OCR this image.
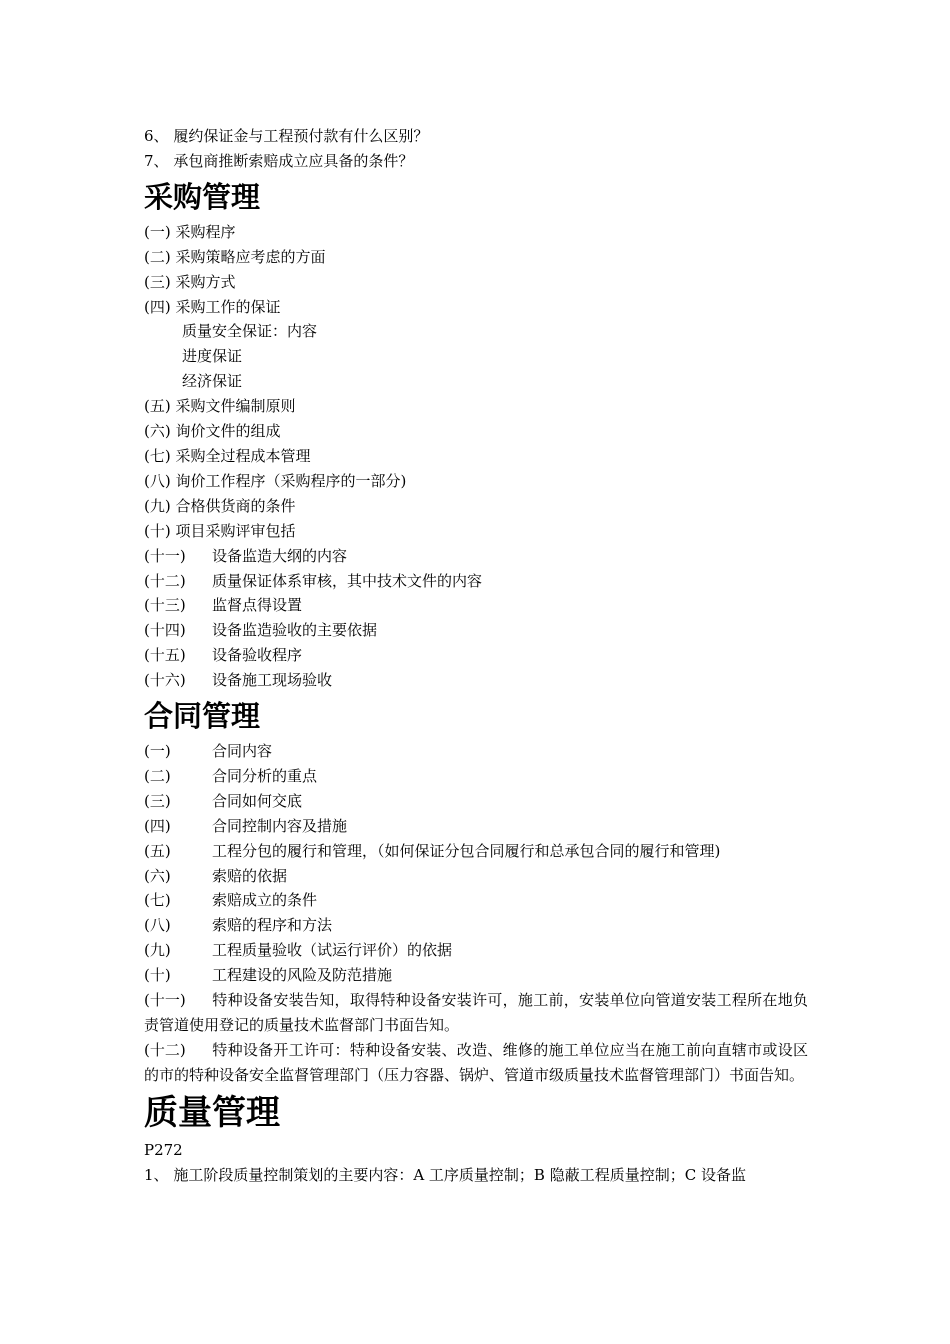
6、 履约保证金与工程预付款有什么区别？
7、 承包商推断索赔成立应具备的条件？
采购管理
(一) 采购程序
(二) 采购策略应考虑的方面
(三) 采购方式
(四) 采购工作的保证
质量安全保证：内容
进度保证
经济保证
(五) 采购文件编制原则
(六) 询价文件的组成
(七) 采购全过程成本管理
(八) 询价工作程序（采购程序的一部分)
(九) 合格供货商的条件
(十) 项目采购评审包括
(十一) 设备监造大纲的内容
(十二) 质量保证体系审核，其中技术文件的内容
(十三) 监督点得设置
(十四) 设备监造验收的主要依据
(十五) 设备验收程序
(十六) 设备施工现场验收
合同管理
(一)	合同内容
(二)	合同分析的重点
(三)	合同如何交底
(四)	合同控制内容及措施
(五)	工程分包的履行和管理，（如何保证分包合同履行和总承包合同的履行和管理)
(六)	索赔的依据
(七)	索赔成立的条件
(八)	索赔的程序和方法
(九)	工程质量验收（试运行评价）的依据
(十)	工程建设的风险及防范措施
(十一) 特种设备安装告知，取得特种设备安装许可，施工前，安装单位向管道安装工程所在地负责管道使用登记的质量技术监督部门书面告知。
(十二) 特种设备开工许可：特种设备安装、改造、维修的施工单位应当在施工前向直辖市或设区的市的特种设备安全监督管理部门（压力容器、锅炉、管道市级质量技术监督管理部门）书面告知。
质量管理
P272
1、 施工阶段质量控制策划的主要内容：A 工序质量控制；B 隐蔽工程质量控制；C 设备监
